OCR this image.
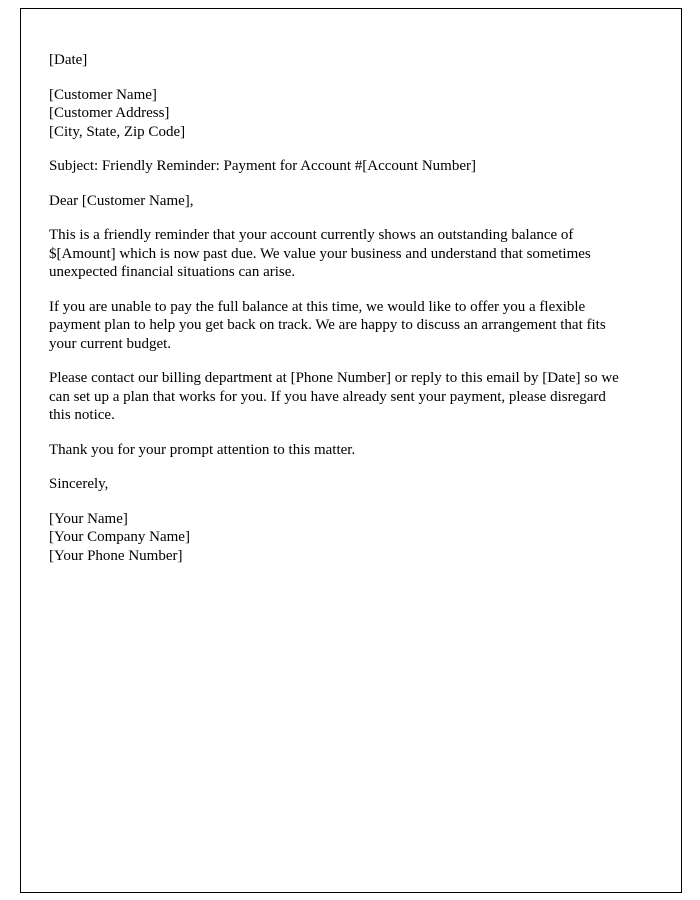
[Date]
[Customer Name]
[Customer Address]
[City, State, Zip Code]
Subject: Friendly Reminder: Payment for Account #[Account Number]
Dear [Customer Name],

This is a friendly reminder that your account currently shows an outstanding balance of $[Amount] which is now past due. We value your business and understand that sometimes unexpected financial situations can arise.

If you are unable to pay the full balance at this time, we would like to offer you a flexible payment plan to help you get back on track. We are happy to discuss an arrangement that fits your current budget.

Please contact our billing department at [Phone Number] or reply to this email by [Date] so we can set up a plan that works for you. If you have already sent your payment, please disregard this notice.

Thank you for your prompt attention to this matter.

Sincerely,
[Your Name]
[Your Company Name]
[Your Phone Number]
